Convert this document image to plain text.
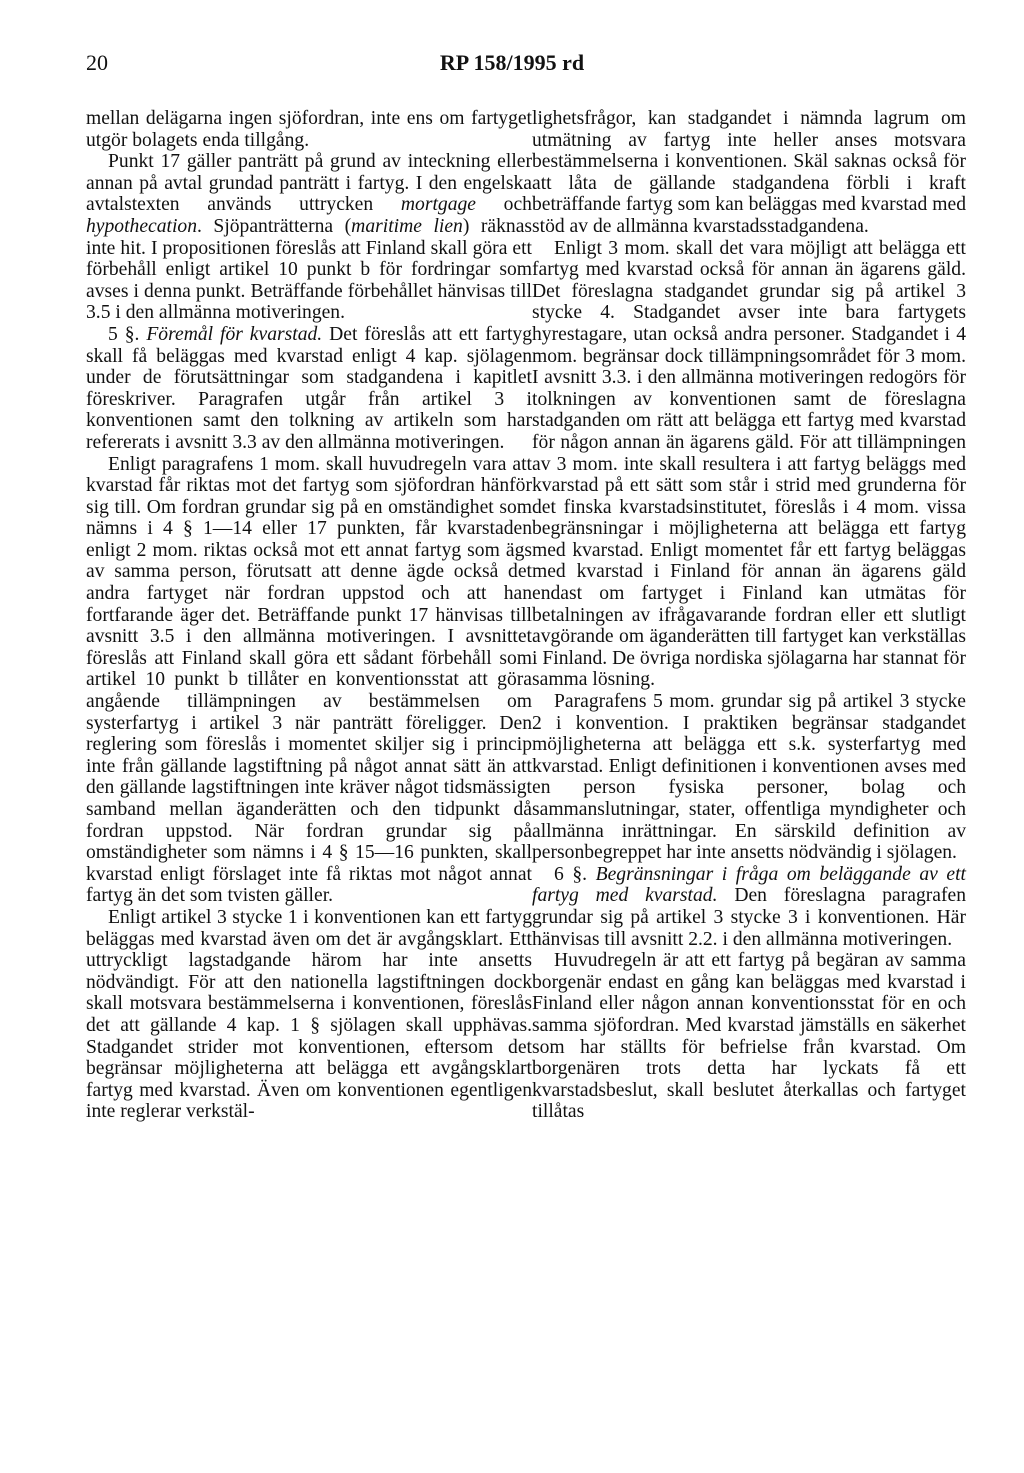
20	RP 158/1995 rd

mellan delägarna ingen sjöfordran, inte ens om fartyget utgör bolagets enda tillgång.

Punkt 17 gäller panträtt på grund av inteckning eller annan på avtal grundad panträtt i fartyg. I den engelska avtalstexten används uttrycken mortgage och hypothecation. Sjöpanträtterna (maritime lien) räknas inte hit. I propositionen föreslås att Finland skall göra ett förbehåll enligt artikel 10 punkt b för fordringar som avses i denna punkt. Beträffande förbehållet hänvisas till 3.5 i den allmänna motiveringen.

5 §. Föremål för kvarstad. Det föreslås att ett fartyg skall få beläggas med kvarstad enligt 4 kap. sjölagen under de förutsättningar som stadgandena i kapitlet föreskriver. Paragrafen utgår från artikel 3 i konventionen samt den tolkning av artikeln som har refererats i avsnitt 3.3 av den allmänna motiveringen.

Enligt paragrafens 1 mom. skall huvudregeln vara att kvarstad får riktas mot det fartyg som sjöfordran hänför sig till. Om fordran grundar sig på en omständighet som nämns i 4 § 1—14 eller 17 punkten, får kvarstaden enligt 2 mom. riktas också mot ett annat fartyg som ägs av samma person, förutsatt att denne ägde också det andra fartyget när fordran uppstod och att han fortfarande äger det. Beträffande punkt 17 hänvisas till avsnitt 3.5 i den allmänna motiveringen. I avsnittet föreslås att Finland skall göra ett sådant förbehåll som artikel 10 punkt b tillåter en konventionsstat att göra angående tillämpningen av bestämmelsen om systerfartyg i artikel 3 när panträtt föreligger. Den reglering som föreslås i momentet skiljer sig i princip inte från gällande lagstiftning på något annat sätt än att den gällande lagstiftningen inte kräver något tidsmässigt samband mellan äganderätten och den tidpunkt då fordran uppstod. När fordran grundar sig på omständigheter som nämns i 4 § 15—16 punkten, skall kvarstad enligt förslaget inte få riktas mot något annat fartyg än det som tvisten gäller.

Enligt artikel 3 stycke 1 i konventionen kan ett fartyg beläggas med kvarstad även om det är avgångsklart. Ett uttryckligt lagstadgande härom har inte ansetts nödvändigt. För att den nationella lagstiftningen dock skall motsvara bestämmelserna i konventionen, föreslås det att gällande 4 kap. 1 § sjölagen skall upphävas. Stadgandet strider mot konventionen, eftersom det begränsar möjligheterna att belägga ett avgångsklart fartyg med kvarstad. Även om konventionen egentligen inte reglerar verkstäl-

lighetsfrågor, kan stadgandet i nämnda lagrum om utmätning av fartyg inte heller anses motsvara bestämmelserna i konventionen. Skäl saknas också för att låta de gällande stadgandena förbli i kraft beträffande fartyg som kan beläggas med kvarstad med stöd av de allmänna kvarstadsstadgandena.

Enligt 3 mom. skall det vara möjligt att belägga ett fartyg med kvarstad också för annan än ägarens gäld. Det föreslagna stadgandet grundar sig på artikel 3 stycke 4. Stadgandet avser inte bara fartygets hyrestagare, utan också andra personer. Stadgandet i 4 mom. begränsar dock tillämpningsområdet för 3 mom. I avsnitt 3.3. i den allmänna motiveringen redogörs för tolkningen av konventionen samt de föreslagna stadganden om rätt att belägga ett fartyg med kvarstad för någon annan än ägarens gäld. För att tillämpningen av 3 mom. inte skall resultera i att fartyg beläggs med kvarstad på ett sätt som står i strid med grunderna för det finska kvarstadsinstitutet, föreslås i 4 mom. vissa begränsningar i möjligheterna att belägga ett fartyg med kvarstad. Enligt momentet får ett fartyg beläggas med kvarstad i Finland för annan än ägarens gäld endast om fartyget i Finland kan utmätas för betalningen av ifrågavarande fordran eller ett slutligt avgörande om äganderätten till fartyget kan verkställas i Finland. De övriga nordiska sjölagarna har stannat för samma lösning.

Paragrafens 5 mom. grundar sig på artikel 3 stycke 2 i konvention. I praktiken begränsar stadgandet möjligheterna att belägga ett s.k. systerfartyg med kvarstad. Enligt definitionen i konventionen avses med en person fysiska personer, bolag och sammanslutningar, stater, offentliga myndigheter och allmänna inrättningar. En särskild definition av personbegreppet har inte ansetts nödvändig i sjölagen.

6 §. Begränsningar i fråga om beläggande av ett fartyg med kvarstad. Den föreslagna paragrafen grundar sig på artikel 3 stycke 3 i konventionen. Här hänvisas till avsnitt 2.2. i den allmänna motiveringen.

Huvudregeln är att ett fartyg på begäran av samma borgenär endast en gång kan beläggas med kvarstad i Finland eller någon annan konventionsstat för en och samma sjöfordran. Med kvarstad jämställs en säkerhet som har ställts för befrielse från kvarstad. Om borgenären trots detta har lyckats få ett kvarstadsbeslut, skall beslutet återkallas och fartyget tillåtas
